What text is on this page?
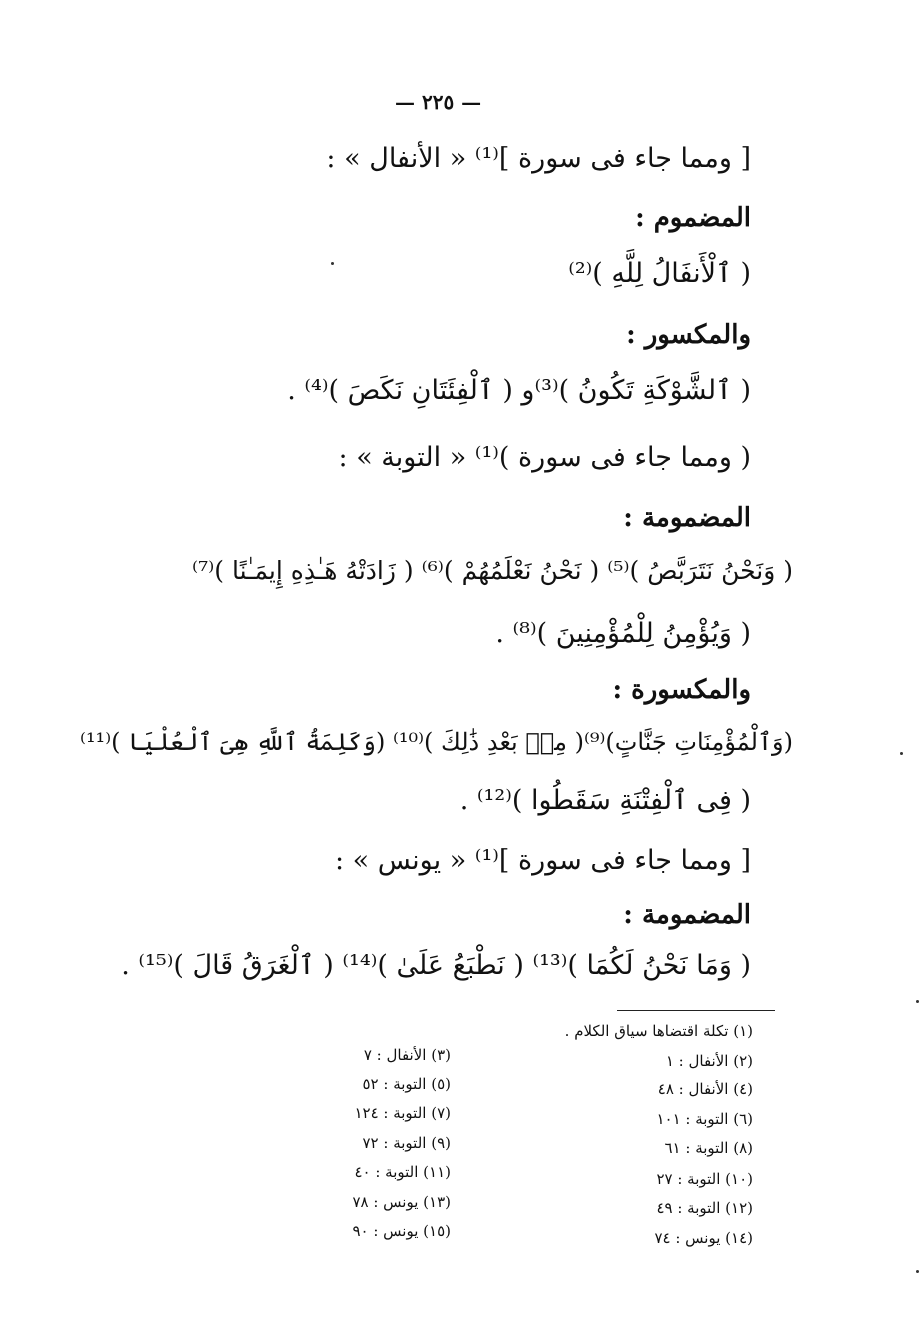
— ٢٢٥ —
[ ومما جاء فى سورة ]⁽¹⁾ « الأنفال » :
المضموم :
( ٱلْأَنفَالُ لِلَّهِ )⁽²⁾
والمكسور :
( ٱلشَّوْكَةِ تَكُونُ )⁽³⁾و ( ٱلْفِئَتَانِ نَكَصَ )⁽⁴⁾ .
( ومما جاء فى سورة )⁽¹⁾ « التوبة » :
المضمومة :
( وَنَحْنُ نَتَرَبَّصُ )⁽⁵⁾ ( نَحْنُ نَعْلَمُهُمْ )⁽⁶⁾ ( زَادَتْهُ هَـٰذِهِ إِيمَـٰنًا )⁽⁷⁾
( وَيُؤْمِنُ لِلْمُؤْمِنِينَ )⁽⁸⁾ .
والمكسورة :
(وَٱلْمُؤْمِنَاتِ جَنَّاتٍ)⁽⁹⁾( مِنۢ بَعْدِ ذَٰلِكَ )⁽¹⁰⁾ (وَكَلِمَةُ ٱللَّهِ هِىَ ٱلْعُلْيَا )⁽¹¹⁾
( فِى ٱلْفِتْنَةِ سَقَطُوا )⁽¹²⁾ .
[ ومما جاء فى سورة ]⁽¹⁾ « يونس » :
المضمومة :
( وَمَا نَحْنُ لَكُمَا )⁽¹³⁾ ( نَطْبَعُ عَلَىٰ )⁽¹⁴⁾ ( ٱلْغَرَقُ قَالَ )⁽¹⁵⁾ .
(١) تكلة اقتضاها سياق الكلام .
(٢) الأنفال : ١
(٤) الأنفال : ٤٨
(٦) التوبة : ١٠١
(٨) التوبة : ٦١
(١٠) التوبة : ٢٧
(١٢) التوبة : ٤٩
(١٤) يونس : ٧٤
(٣) الأنفال : ٧
(٥) التوبة : ٥٢
(٧) التوبة : ١٢٤
(٩) التوبة : ٧٢
(١١) التوبة : ٤٠
(١٣) يونس : ٧٨
(١٥) يونس : ٩٠
